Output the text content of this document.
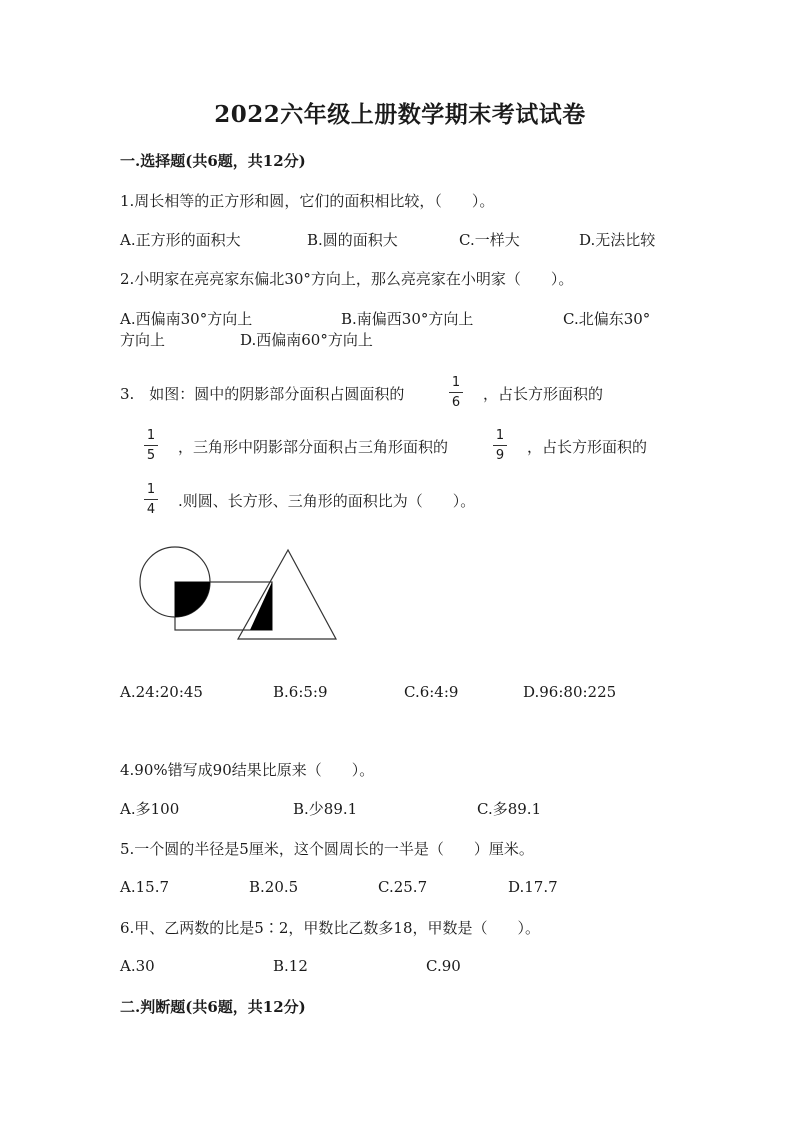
2022六年级上册数学期末考试试卷
一.选择题(共6题，共12分)
1.周长相等的正方形和圆，它们的面积相比较，（　　）。
A.正方形的面积大	B.圆的面积大	C.一样大	D.无法比较
2.小明家在亮亮家东偏北30°方向上，那么亮亮家在小明家（　　）。
A.西偏南30°方向上	B.南偏西30°方向上	C.北偏东30°
方向上	D.西偏南60°方向上
3.　如图：圆中的阴影部分面积占圆面积的
1
6	，占长方形面积的
1
5	，三角形中阴影部分面积占三角形面积的
1
9	，占长方形面积的
1
4	.则圆、长方形、三角形的面积比为（　　）。
A.24:20:45	B.6:5:9	C.6:4:9	D.96:80:225
4.90%错写成90结果比原来（　　）。
A.多100	B.少89.1	C.多89.1
5.一个圆的半径是5厘米，这个圆周长的一半是（　　）厘米。
A.15.7	B.20.5	C.25.7	D.17.7
6.甲、乙两数的比是5∶2，甲数比乙数多18，甲数是（　　）。
A.30	B.12	C.90
二.判断题(共6题，共12分)
